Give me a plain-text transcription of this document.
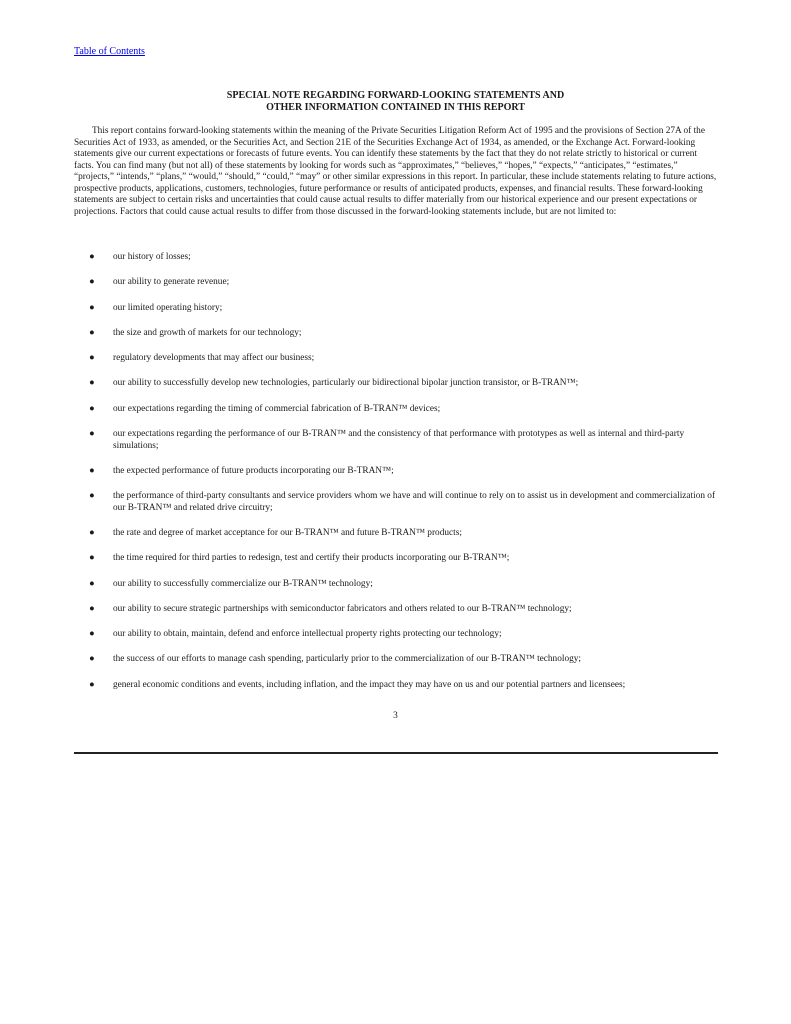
Table of Contents
SPECIAL NOTE REGARDING FORWARD-LOOKING STATEMENTS AND
OTHER INFORMATION CONTAINED IN THIS REPORT

This report contains forward-looking statements within the meaning of the Private Securities Litigation Reform Act of 1995 and the provisions of Section 27A of the Securities Act of 1933, as amended, or the Securities Act, and Section 21E of the Securities Exchange Act of 1934, as amended, or the Exchange Act. Forward-looking statements give our current expectations or forecasts of future events. You can identify these statements by the fact that they do not relate strictly to historical or current facts. You can find many (but not all) of these statements by looking for words such as “approximates,” “believes,” “hopes,” “expects,” “anticipates,” “estimates,” “projects,” “intends,” “plans,” “would,” “should,” “could,” “may” or other similar expressions in this report. In particular, these include statements relating to future actions, prospective products, applications, customers, technologies, future performance or results of anticipated products, expenses, and financial results. These forward-looking statements are subject to certain risks and uncertainties that could cause actual results to differ materially from our historical experience and our present expectations or projections. Factors that could cause actual results to differ from those discussed in the forward-looking statements include, but are not limited to:

● our history of losses;
● our ability to generate revenue;
● our limited operating history;
● the size and growth of markets for our technology;
● regulatory developments that may affect our business;
● our ability to successfully develop new technologies, particularly our bidirectional bipolar junction transistor, or B-TRAN™;
● our expectations regarding the timing of commercial fabrication of B-TRAN™ devices;
● our expectations regarding the performance of our B-TRAN™ and the consistency of that performance with prototypes as well as internal and third-party simulations;
● the expected performance of future products incorporating our B-TRAN™;
● the performance of third-party consultants and service providers whom we have and will continue to rely on to assist us in development and commercialization of our B-TRAN™ and related drive circuitry;
● the rate and degree of market acceptance for our B-TRAN™ and future B-TRAN™ products;
● the time required for third parties to redesign, test and certify their products incorporating our B-TRAN™;
● our ability to successfully commercialize our B-TRAN™ technology;
● our ability to secure strategic partnerships with semiconductor fabricators and others related to our B-TRAN™ technology;
● our ability to obtain, maintain, defend and enforce intellectual property rights protecting our technology;
● the success of our efforts to manage cash spending, particularly prior to the commercialization of our B-TRAN™ technology;
● general economic conditions and events, including inflation, and the impact they may have on us and our potential partners and licensees;
3
